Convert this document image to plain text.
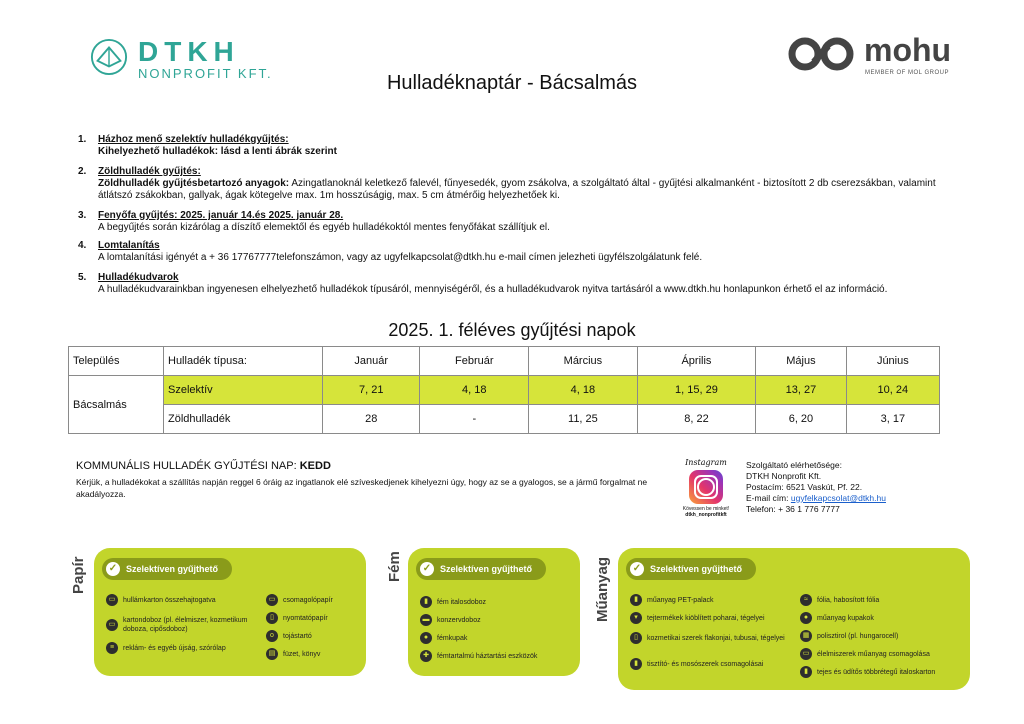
DTKH
NONPROFIT KFT.
mohu
MEMBER OF MOL GROUP
Hulladéknaptár - Bácsalmás
1. Házhoz menő szelektív hulladékgyűjtés:
Kihelyezhető hulladékok: lásd a lenti ábrák szerint
2. Zöldhulladék gyűjtés:
Zöldhulladék gyűjtésbetartozó anyagok: Azingatlanoknál keletkező falevél, fűnyesedék, gyom zsákolva, a szolgáltató által - gyűjtési alkalmanként - biztosított 2 db cserezsákban, valamint átlátszó zsákokban, gallyak, ágak kötegelve max. 1m hosszúságig, max. 5 cm átmérőig helyezhetőek ki.
3. Fenyőfa gyűjtés: 2025. január 14.és 2025. január 28.
A begyűjtés során kizárólag a díszítő elemektől és egyéb hulladékoktól mentes fenyőfákat szállítjuk el.
4. Lomtalanítás
A lomtalanítási igényét a + 36 17767777telefonszámon, vagy az ugyfelkapcsolat@dtkh.hu e-mail címen jelezheti ügyfélszolgálatunk felé.
5. Hulladékudvarok
A hulladékudvarainkban ingyenesen elhelyezhető hulladékok típusáról, mennyiségéről, és a hulladékudvarok nyitva tartásáról a www.dtkh.hu honlapunkon érhető el az információ.
2025. 1. féléves gyűjtési napok
Település	Hulladék típusa:	Január	Február	Március	Április	Május	Június
Bácsalmás	Szelektív	7, 21	4, 18	4, 18	1, 15, 29	13, 27	10, 24
	Zöldhulladék	28	-	11, 25	8, 22	6, 20	3, 17
KOMMUNÁLIS HULLADÉK GYŰJTÉSI NAP: KEDD
Kérjük, a hulladékokat a szállítás napján reggel 6 óráig az ingatlanok elé szíveskedjenek kihelyezni úgy, hogy az se a gyalogos, se a jármű forgalmat ne akadályozza.
Instagram
Kövessen be minket!
dtkh_nonprofitkft
Szolgáltató elérhetősége:
DTKH Nonprofit Kft.
Postacím: 6521 Vaskút, Pf. 22.
E-mail cím: ugyfelkapcsolat@dtkh.hu
Telefon: + 36 1 776 7777
Papír ✓ Szelektíven gyűjthető
▭	hullámkarton összehajtogatva
▭
kartondoboz (pl. élelmiszer, kozmetikum doboza, cipősdoboz)
≡	reklám- és egyéb újság, szórólap
▭	csomagolópapír
▯	nyomtatópapír
o	tojástartó
▤	füzet, könyv
Fém ✓ Szelektíven gyűjthető
▮	fém italosdoboz
▬	konzervdoboz
●	fémkupak
✚	fémtartalmú háztartási eszközök
Műanyag ✓ Szelektíven gyűjthető
▮	műanyag PET-palack
▾	tejtermékek kiöblített poharai, tégelyei
▯	kozmetikai szerek flakonjai, tubusai, tégelyei
▮	tisztító- és mosószerek csomagolásai
≈	fólia, habosított fólia
●	műanyag kupakok
▦	polisztirol (pl. hungarocell)
▭	élelmiszerek műanyag csomagolása
▮	tejes és üdítős többrétegű italoskarton
